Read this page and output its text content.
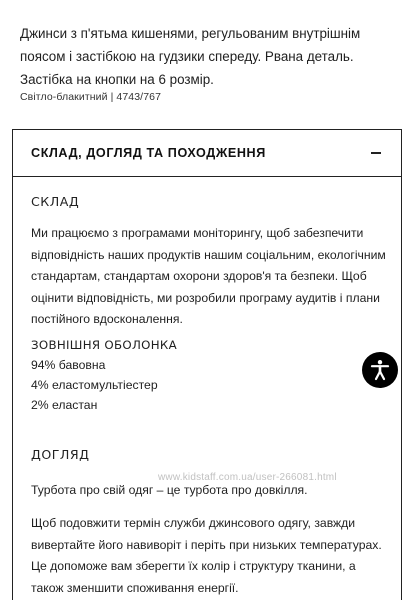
Джинси з п'ятьма кишенями, регульованим внутрішнім поясом і застібкою на гудзики спереду. Рвана деталь. Застібка на кнопки на 6 розмір.
Світло-блакитний | 4743/767
СКЛАД, ДОГЛЯД ТА ПОХОДЖЕННЯ
СКЛАД
Ми працюємо з програмами моніторингу, щоб забезпечити відповідність наших продуктів нашим соціальним, екологічним стандартам, стандартам охорони здоров'я та безпеки. Щоб оцінити відповідність, ми розробили програму аудитів і плани постійного вдосконалення.
ЗОВНІШНЯ ОБОЛОНКА
94% бавовна
4% еластомультіестер
2% еластан
ДОГЛЯД
Турбота про свій одяг – це турбота про довкілля.
Щоб подовжити термін служби джинсового одягу, завжди вивертайте його навиворіт і періть при низьких температурах. Це допоможе вам зберегти їх колір і структуру тканини, а також зменшити споживання енергії.
www.kidstaff.com.ua/user-266081.html
